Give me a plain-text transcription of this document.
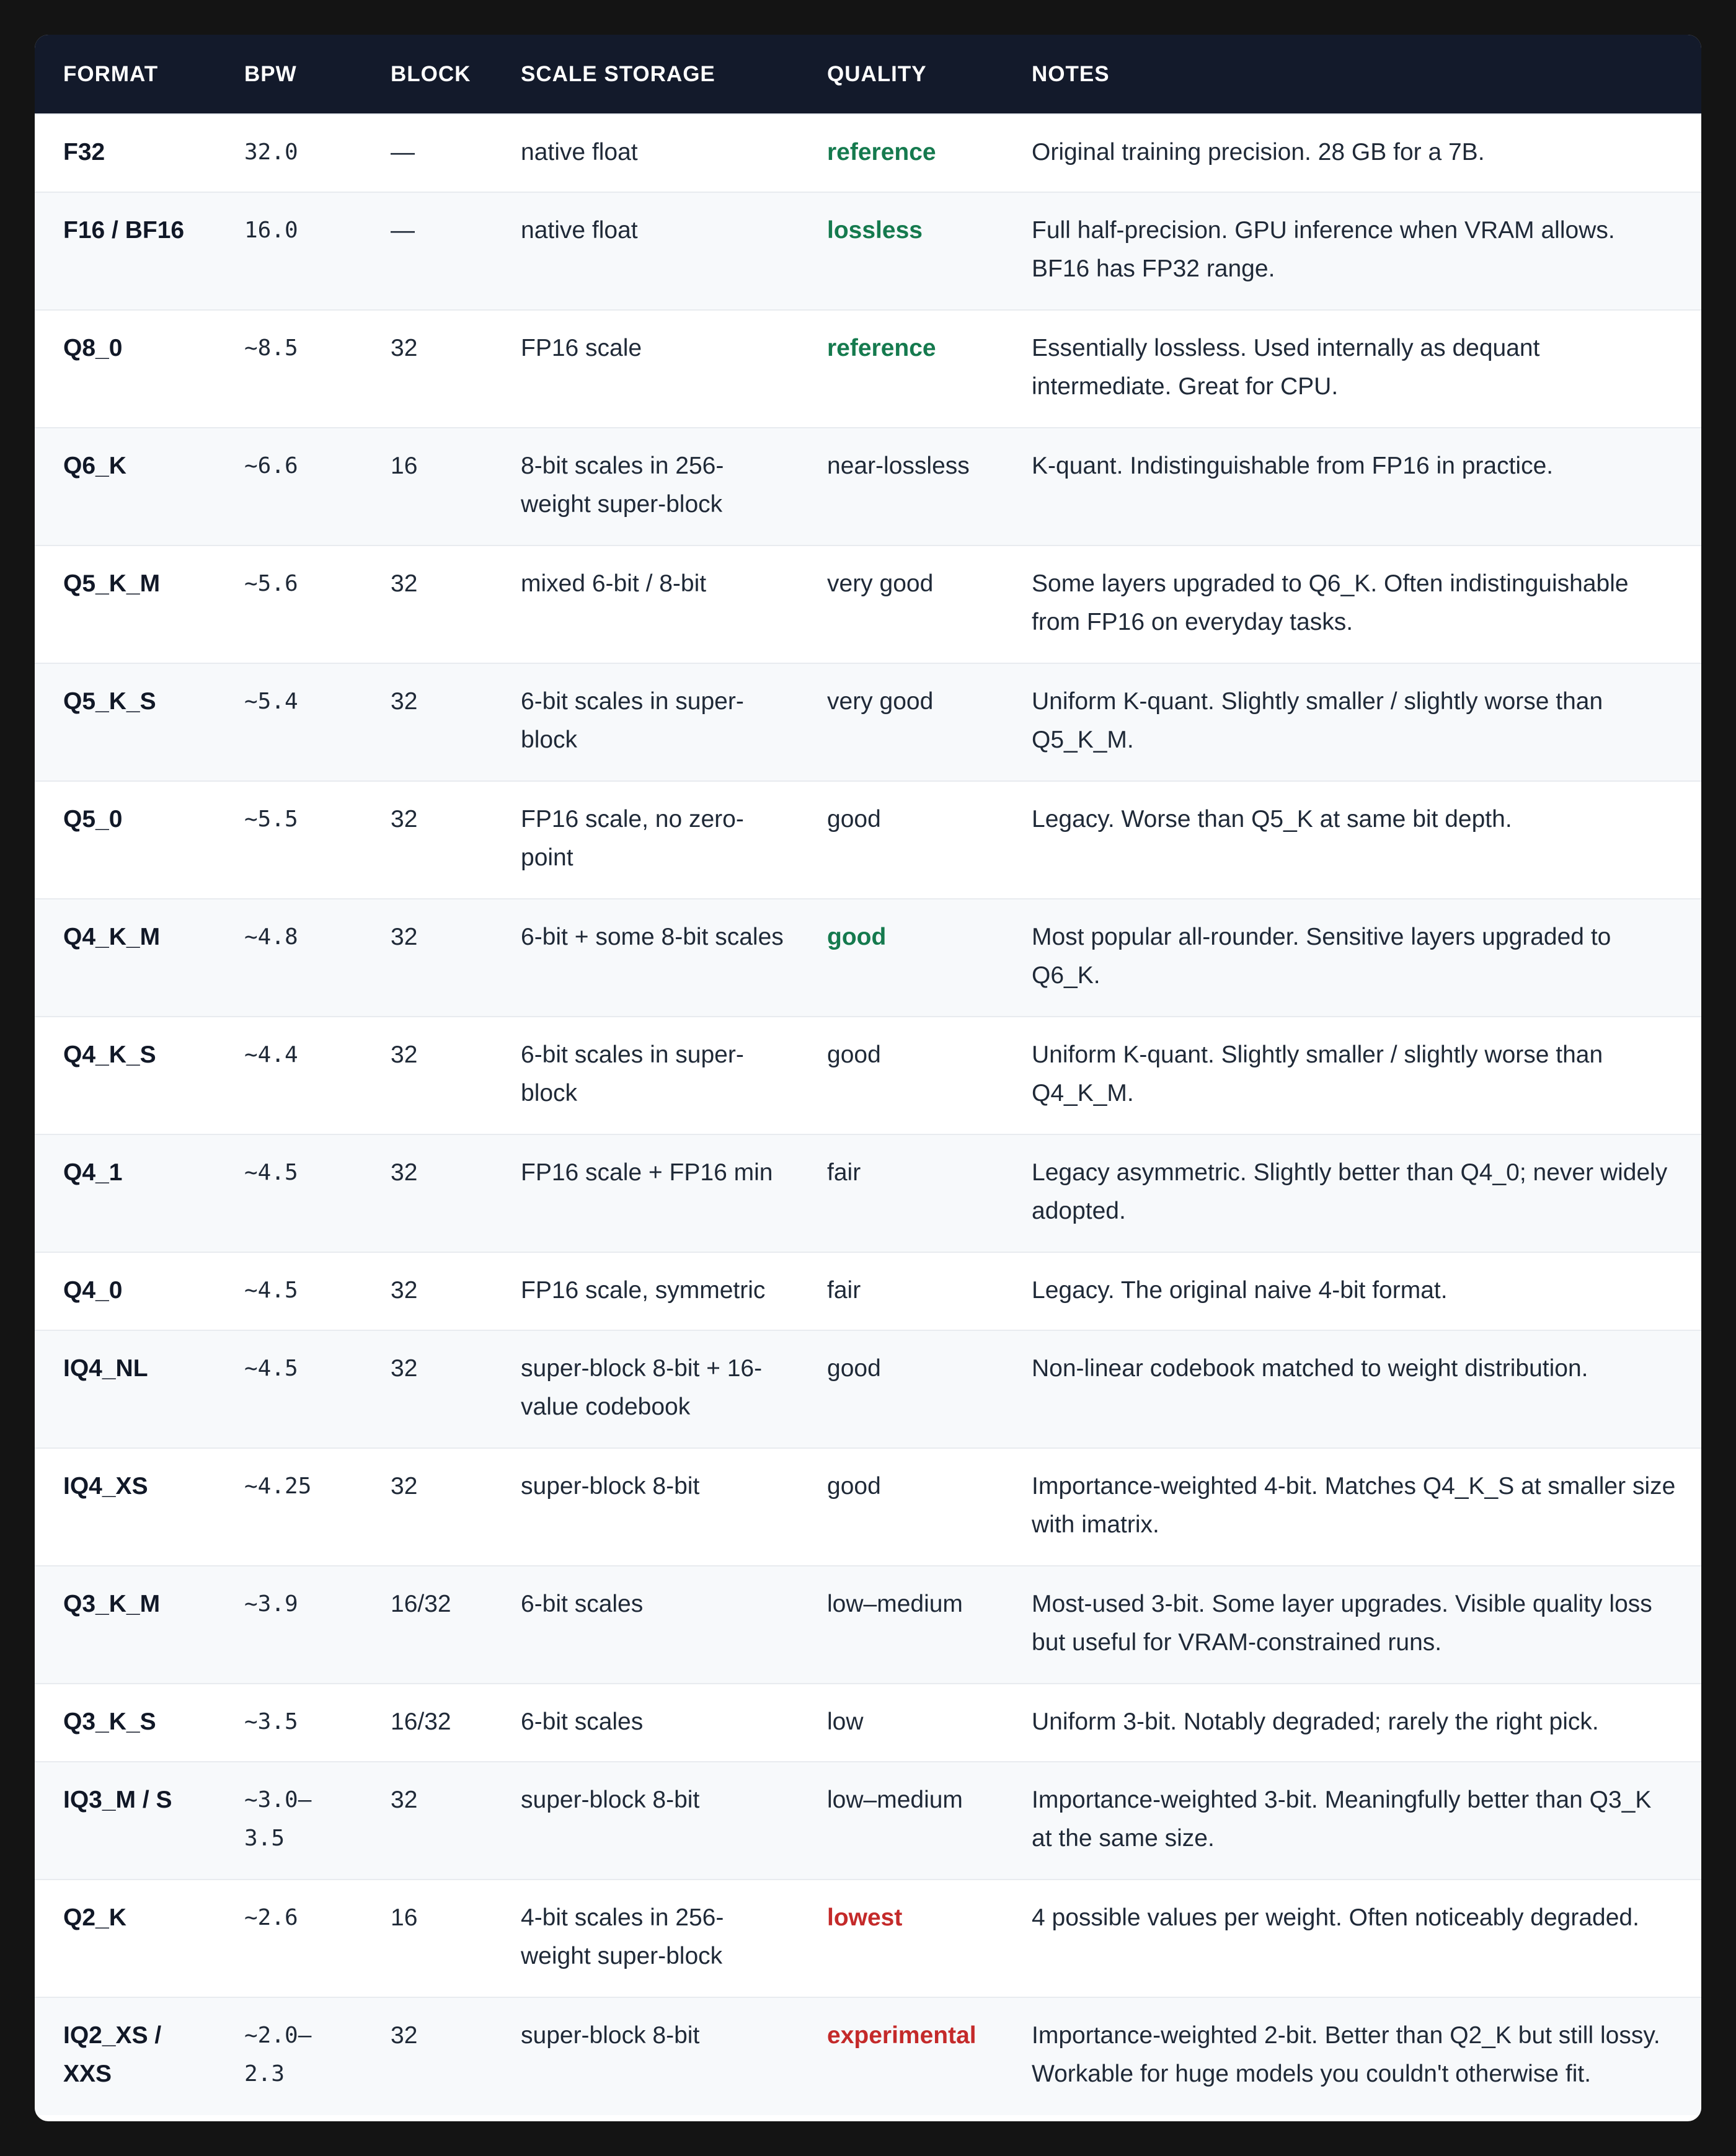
FORMAT	BPW	BLOCK	SCALE STORAGE	QUALITY	NOTES
F32	32.0	—	native float	reference	Original training precision. 28 GB for a 7B.
F16 / BF16	16.0	—	native float	lossless	Full half-precision. GPU inference when VRAM allows. BF16 has FP32 range.
Q8_0	~8.5	32	FP16 scale	reference	Essentially lossless. Used internally as dequant intermediate. Great for CPU.
Q6_K	~6.6	16	8-bit scales in 256-weight super-block	near-lossless	K-quant. Indistinguishable from FP16 in practice.
Q5_K_M	~5.6	32	mixed 6-bit / 8-bit	very good	Some layers upgraded to Q6_K. Often indistinguishable from FP16 on everyday tasks.
Q5_K_S	~5.4	32	6-bit scales in super-block	very good	Uniform K-quant. Slightly smaller / slightly worse than Q5_K_M.
Q5_0	~5.5	32	FP16 scale, no zero-point	good	Legacy. Worse than Q5_K at same bit depth.
Q4_K_M	~4.8	32	6-bit + some 8-bit scales	good	Most popular all-rounder. Sensitive layers upgraded to Q6_K.
Q4_K_S	~4.4	32	6-bit scales in super-block	good	Uniform K-quant. Slightly smaller / slightly worse than Q4_K_M.
Q4_1	~4.5	32	FP16 scale + FP16 min	fair	Legacy asymmetric. Slightly better than Q4_0; never widely adopted.
Q4_0	~4.5	32	FP16 scale, symmetric	fair	Legacy. The original naive 4-bit format.
IQ4_NL	~4.5	32	super-block 8-bit + 16-value codebook	good	Non-linear codebook matched to weight distribution.
IQ4_XS	~4.25	32	super-block 8-bit	good	Importance-weighted 4-bit. Matches Q4_K_S at smaller size with imatrix.
Q3_K_M	~3.9	16/32	6-bit scales	low–medium	Most-used 3-bit. Some layer upgrades. Visible quality loss but useful for VRAM-constrained runs.
Q3_K_S	~3.5	16/32	6-bit scales	low	Uniform 3-bit. Notably degraded; rarely the right pick.
IQ3_M / S	~3.0–3.5	32	super-block 8-bit	low–medium	Importance-weighted 3-bit. Meaningfully better than Q3_K at the same size.
Q2_K	~2.6	16	4-bit scales in 256-weight super-block	lowest	4 possible values per weight. Often noticeably degraded.
IQ2_XS / XXS	~2.0–2.3	32	super-block 8-bit	experimental	Importance-weighted 2-bit. Better than Q2_K but still lossy. Workable for huge models you couldn't otherwise fit.
